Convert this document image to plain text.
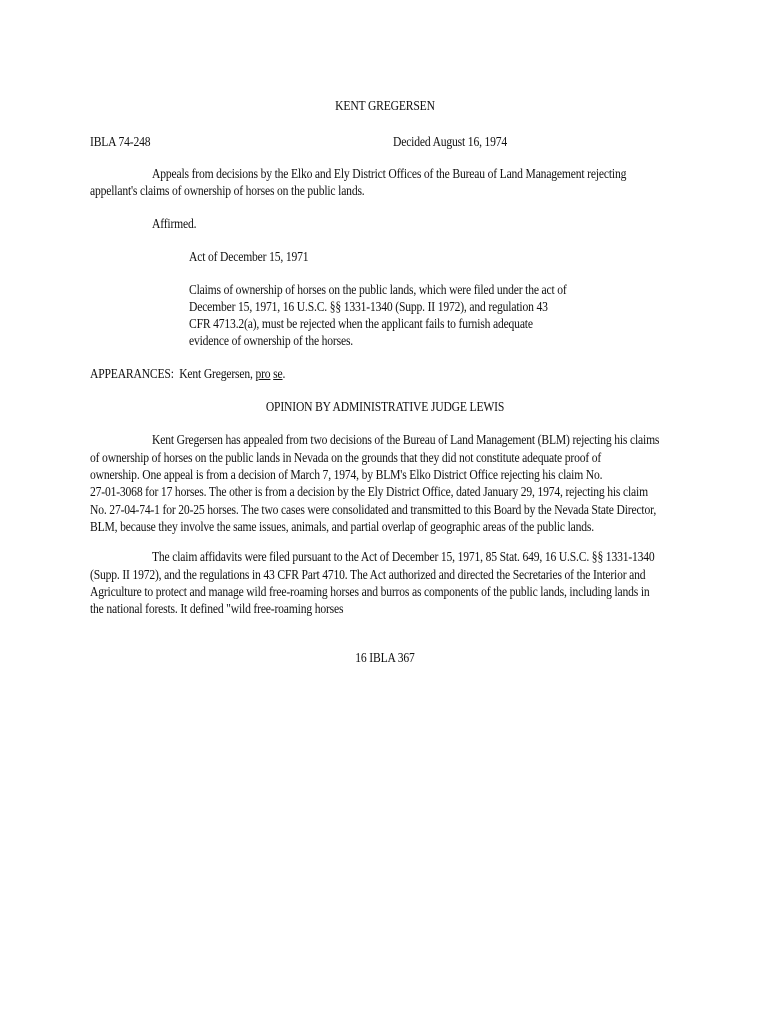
KENT GREGERSEN
IBLA 74-248	Decided August 16, 1974
Appeals from decisions by the Elko and Ely District Offices of the Bureau of Land Management rejecting
appellant's claims of ownership of horses on the public lands.
Affirmed.
Act of December 15, 1971
Claims of ownership of horses on the public lands, which were filed under the act of
December 15, 1971, 16 U.S.C. §§ 1331-1340 (Supp. II 1972), and regulation 43
CFR 4713.2(a), must be rejected when the applicant fails to furnish adequate
evidence of ownership of the horses.
APPEARANCES: Kent Gregersen, pro se.
OPINION BY ADMINISTRATIVE JUDGE LEWIS
Kent Gregersen has appealed from two decisions of the Bureau of Land Management (BLM) rejecting his claims
of ownership of horses on the public lands in Nevada on the grounds that they did not constitute adequate proof of
ownership. One appeal is from a decision of March 7, 1974, by BLM's Elko District Office rejecting his claim No.
27-01-3068 for 17 horses. The other is from a decision by the Ely District Office, dated January 29, 1974, rejecting his claim
No. 27-04-74-1 for 20-25 horses. The two cases were consolidated and transmitted to this Board by the Nevada State Director,
BLM, because they involve the same issues, animals, and partial overlap of geographic areas of the public lands.
The claim affidavits were filed pursuant to the Act of December 15, 1971, 85 Stat. 649, 16 U.S.C. §§ 1331-1340
(Supp. II 1972), and the regulations in 43 CFR Part 4710. The Act authorized and directed the Secretaries of the Interior and
Agriculture to protect and manage wild free-roaming horses and burros as components of the public lands, including lands in
the national forests. It defined "wild free-roaming horses
16 IBLA 367
